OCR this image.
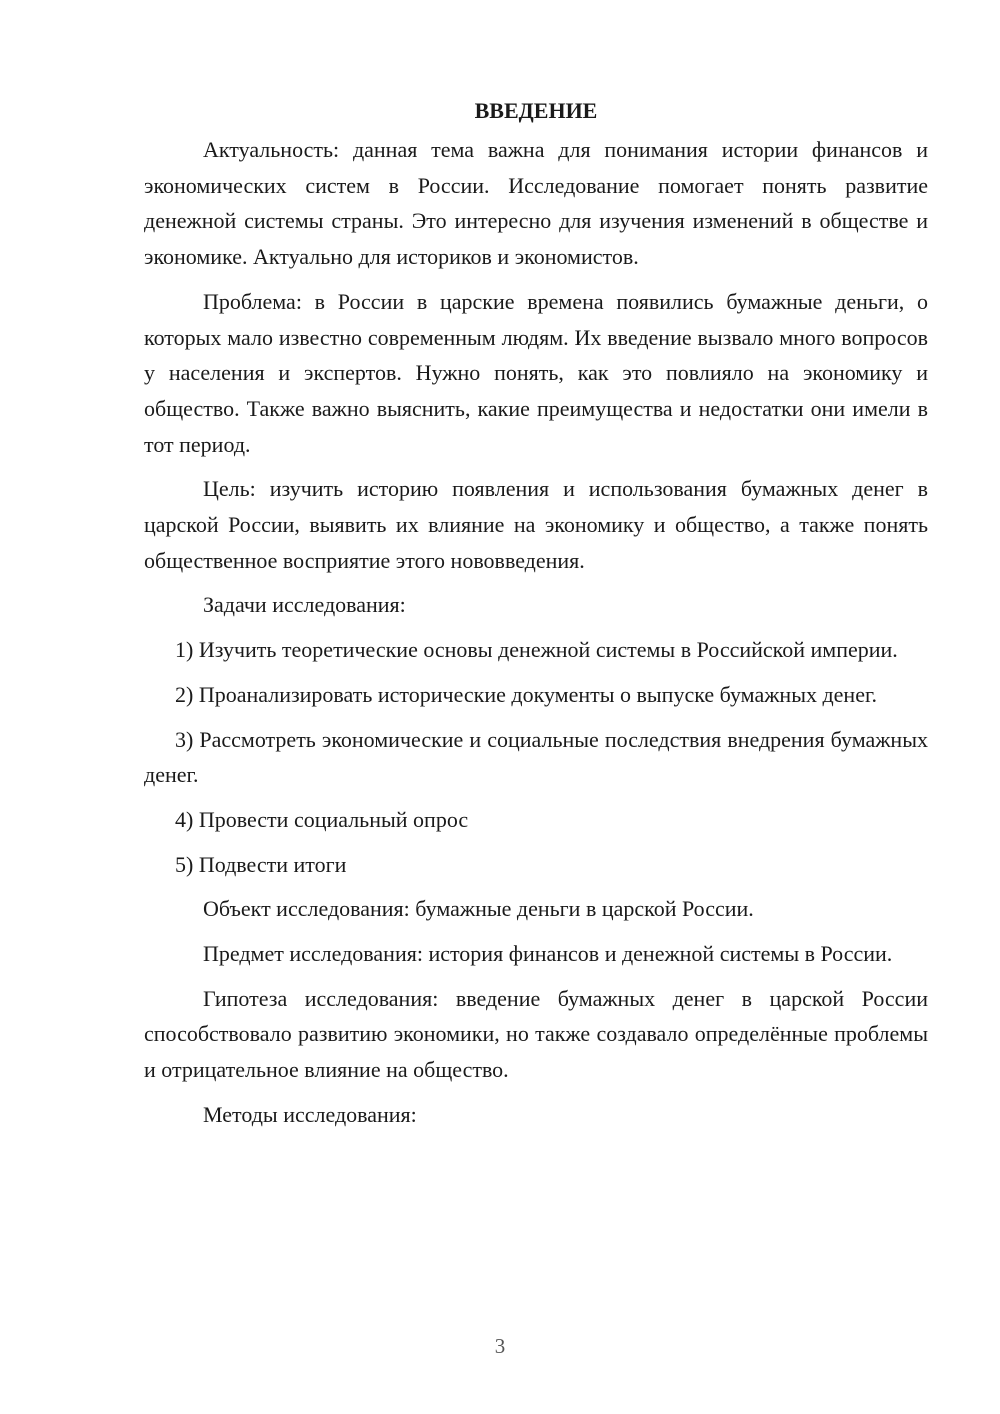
ВВЕДЕНИЕ

Актуальность: данная тема важна для понимания истории финансов и экономических систем в России. Исследование помогает понять развитие денежной системы страны. Это интересно для изучения изменений в обществе и экономике. Актуально для историков и экономистов.

Проблема: в России в царские времена появились бумажные деньги, о которых мало известно современным людям. Их введение вызвало много вопросов у населения и экспертов. Нужно понять, как это повлияло на экономику и общество. Также важно выяснить, какие преимущества и недостатки они имели в тот период.

Цель: изучить историю появления и использования бумажных денег в царской России, выявить их влияние на экономику и общество, а также понять общественное восприятие этого нововведения.

Задачи исследования:

1) Изучить теоретические основы денежной системы в Российской империи.

2) Проанализировать исторические документы о выпуске бумажных денег.

3) Рассмотреть экономические и социальные последствия внедрения бумажных денег.

4) Провести социальный опрос

5) Подвести итоги

Объект исследования: бумажные деньги в царской России.

Предмет исследования: история финансов и денежной системы в России.

Гипотеза исследования: введение бумажных денег в царской России способствовало развитию экономики, но также создавало определённые проблемы и отрицательное влияние на общество.

Методы исследования:

3
